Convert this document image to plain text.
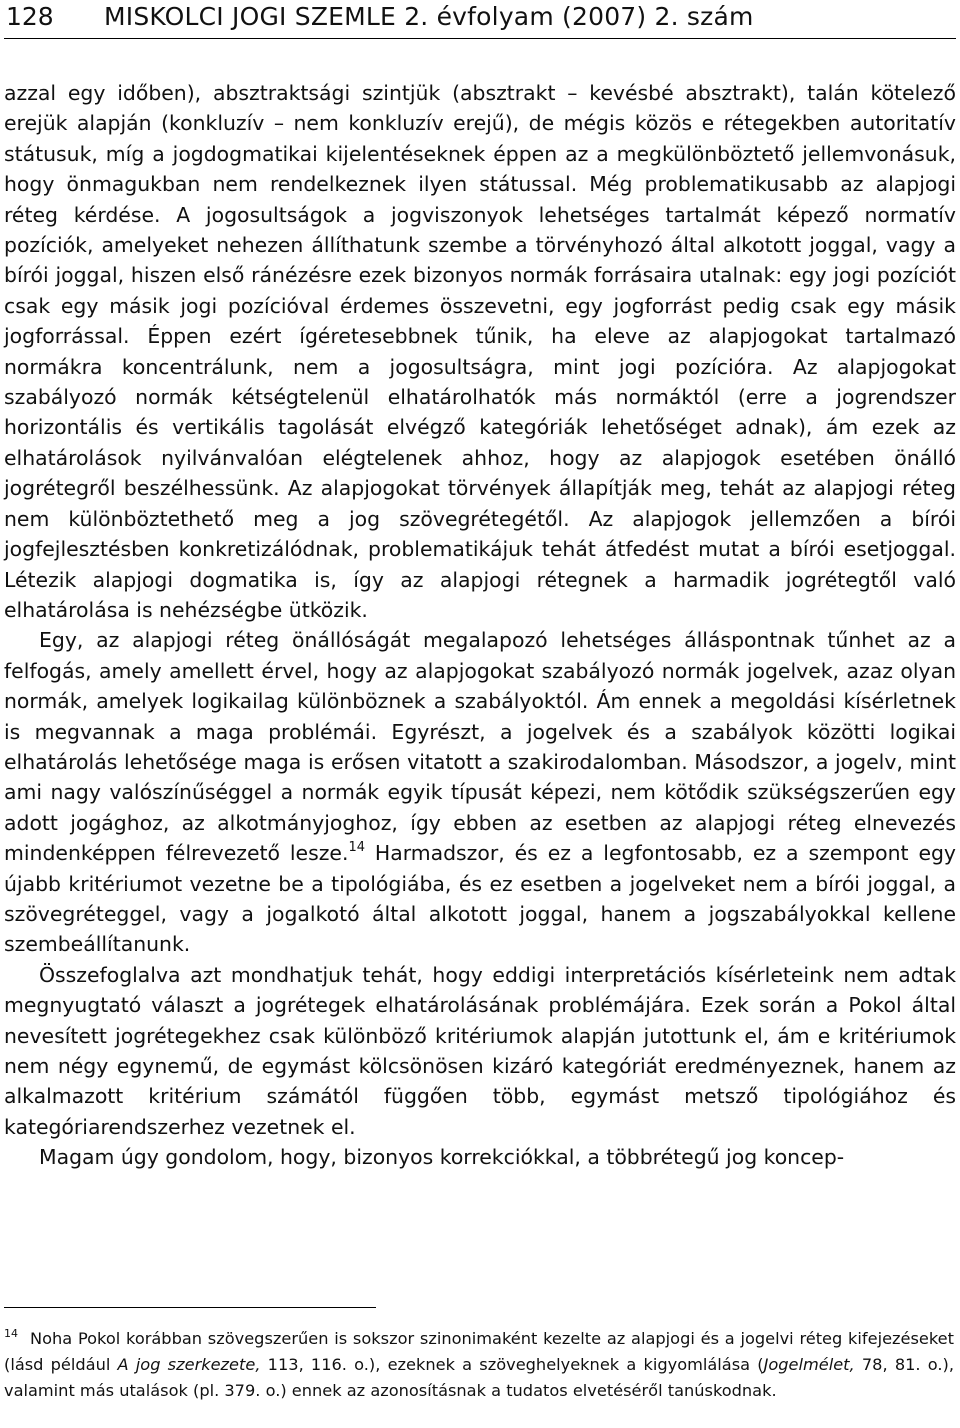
128 MISKOLCI JOGI SZEMLE 2. évfolyam (2007) 2. szám

azzal egy időben), absztraktsági szintjük (absztrakt – kevésbé absztrakt), talán kötelező erejük alapján (konkluzív – nem konkluzív erejű), de mégis közös e rétegekben autoritatív státusuk, míg a jogdogmatikai kijelentéseknek éppen az a megkülönböztető jellemvonásuk, hogy önmagukban nem rendelkeznek ilyen státussal. Még problematikusabb az alapjogi réteg kérdése. A jogosultságok a jogviszonyok lehetséges tartalmát képező normatív pozíciók, amelyeket nehezen állíthatunk szembe a törvényhozó által alkotott joggal, vagy a bírói joggal, hiszen első ránézésre ezek bizonyos normák forrásaira utalnak: egy jogi pozíciót csak egy másik jogi pozícióval érdemes összevetni, egy jogforrást pedig csak egy másik jogforrással. Éppen ezért ígéretesebbnek tűnik, ha eleve az alapjogokat tartalmazó normákra koncentrálunk, nem a jogosultságra, mint jogi pozícióra. Az alapjogokat szabályozó normák kétségtelenül elhatárolhatók más normáktól (erre a jogrendszer horizontális és vertikális tagolását elvégző kategóriák lehetőséget adnak), ám ezek az elhatárolások nyilvánvalóan elégtelenek ahhoz, hogy az alapjogok esetében önálló jogrétegről beszélhessünk. Az alapjogokat törvények állapítják meg, tehát az alapjogi réteg nem különböztethető meg a jog szövegrétegétől. Az alapjogok jellemzően a bírói jogfejlesztésben konkretizálódnak, problematikájuk tehát átfedést mutat a bírói esetjoggal. Létezik alapjogi dogmatika is, így az alapjogi rétegnek a harmadik jogrétegtől való elhatárolása is nehézségbe ütközik.

Egy, az alapjogi réteg önállóságát megalapozó lehetséges álláspontnak tűnhet az a felfogás, amely amellett érvel, hogy az alapjogokat szabályozó normák jogelvek, azaz olyan normák, amelyek logikailag különböznek a szabályoktól. Ám ennek a megoldási kísérletnek is megvannak a maga problémái. Egyrészt, a jogelvek és a szabályok közötti logikai elhatárolás lehetősége maga is erősen vitatott a szakirodalomban. Másodszor, a jogelv, mint ami nagy valószínűséggel a normák egyik típusát képezi, nem kötődik szükségszerűen egy adott jogághoz, az alkotmányjoghoz, így ebben az esetben az alapjogi réteg elnevezés mindenképpen félrevezető lesze.$^{14}$ Harmadszor, és ez a legfontosabb, ez a szempont egy újabb kritériumot vezetne be a tipológiába, és ez esetben a jogelveket nem a bírói joggal, a szövegréteggel, vagy a jogalkotó által alkotott joggal, hanem a jogszabályokkal kellene szembeállítanunk.

Összefoglalva azt mondhatjuk tehát, hogy eddigi interpretációs kísérleteink nem adtak megnyugtató választ a jogrétegek elhatárolásának problémájára. Ezek során a Pokol által nevesített jogrétegekhez csak különböző kritériumok alapján jutottunk el, ám e kritériumok nem négy egynemű, de egymást kölcsönösen kizáró kategóriát eredményeznek, hanem az alkalmazott kritérium számától függően több, egymást metsző tipológiához és kategóriarendszerhez vezetnek el.

Magam úgy gondolom, hogy, bizonyos korrekciókkal, a többrétegű jog koncep-

$^{14}$ Noha Pokol korábban szövegszerűen is sokszor szinonimaként kezelte az alapjogi és a jogelvi réteg kifejezéseket (lásd például A jog szerkezete, 113, 116. o.), ezeknek a szöveghelyeknek a kigyomlálása (Jogelmélet, 78, 81. o.), valamint más utalások (pl. 379. o.) ennek az azonosításnak a tudatos elvetéséről tanúskodnak.
